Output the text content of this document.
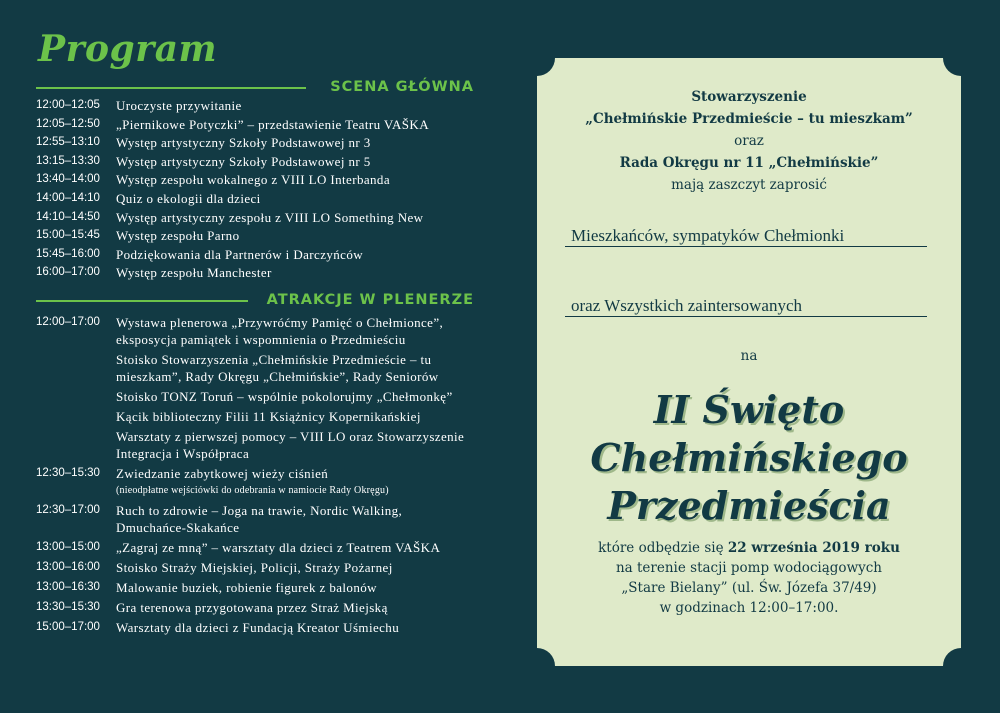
Program
SCENA GŁÓWNA
12:00–12:05	Uroczyste przywitanie
12:05–12:50	„Piernikowe Potyczki” – przedstawienie Teatru VAŠKA
12:55–13:10	Występ artystyczny Szkoły Podstawowej nr 3
13:15–13:30	Występ artystyczny Szkoły Podstawowej nr 5
13:40–14:00	Występ zespołu wokalnego z VIII LO Interbanda
14:00–14:10	Quiz o ekologii dla dzieci
14:10–14:50	Występ artystyczny zespołu z VIII LO Something New
15:00–15:45	Występ zespołu Parno
15:45–16:00	Podziękowania dla Partnerów i Darczyńców
16:00–17:00	Występ zespołu Manchester
ATRAKCJE W PLENERZE
12:00–17:00	Wystawa plenerowa „Przywróćmy Pamięć o Chełmionce”, eksposycja pamiątek i wspomnienia o Przedmieściu
Stoisko Stowarzyszenia „Chełmińskie Przedmieście – tu mieszkam”, Rady Okręgu „Chełmińskie”, Rady Seniorów
Stoisko TONZ Toruń – wspólnie pokolorujmy „Chełmonkę”
Kącik biblioteczny Filii 11 Książnicy Kopernikańskiej
Warsztaty z pierwszej pomocy – VIII LO oraz Stowarzyszenie Integracja i Współpraca
12:30–15:30	Zwiedzanie zabytkowej wieży ciśnień
(nieodpłatne wejściówki do odebrania w namiocie Rady Okręgu)
12:30–17:00	Ruch to zdrowie – Joga na trawie, Nordic Walking, Dmuchańce-Skakańce
13:00–15:00	„Zagraj ze mną” – warsztaty dla dzieci z Teatrem VAŠKA
13:00–16:00	Stoisko Straży Miejskiej, Policji, Straży Pożarnej
13:00–16:30	Malowanie buziek, robienie figurek z balonów
13:30–15:30	Gra terenowa przygotowana przez Straż Miejską
15:00–17:00	Warsztaty dla dzieci z Fundacją Kreator Uśmiechu
Stowarzyszenie
„Chełmińskie Przedmieście – tu mieszkam”
oraz
Rada Okręgu nr 11 „Chełmińskie”
mają zaszczyt zaprosić
Mieszkańców, sympatyków Chełmionki
oraz Wszystkich zaintersowanych
na
II Święto
Chełmińskiego
Przedmieścia
które odbędzie się 22 września 2019 roku
na terenie stacji pomp wodociągowych
„Stare Bielany” (ul. Św. Józefa 37/49)
w godzinach 12:00–17:00.
